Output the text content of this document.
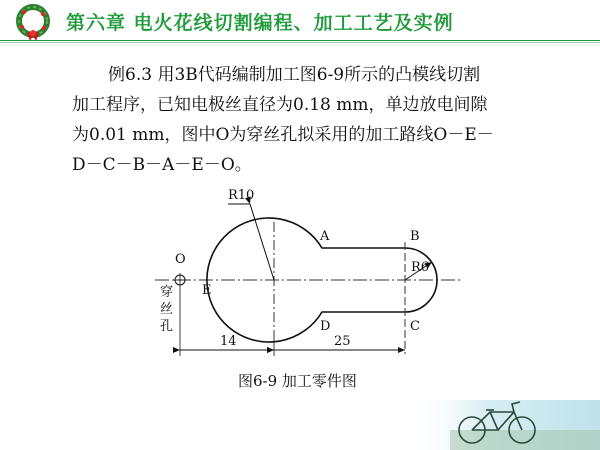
第六章 电火花线切割编程、加工工艺及实例
例6.3 用3B代码编制加工图6-9所示的凸模线切割
加工程序，已知电极丝直径为0.18 mm，单边放电间隙
为0.01 mm，图中O为穿丝孔拟采用的加工路线O－E－
D－C－B－A－E－O。
R10
R6
A	B
C
D
E
O
穿
丝
孔
14	25
图6-9 加工零件图
